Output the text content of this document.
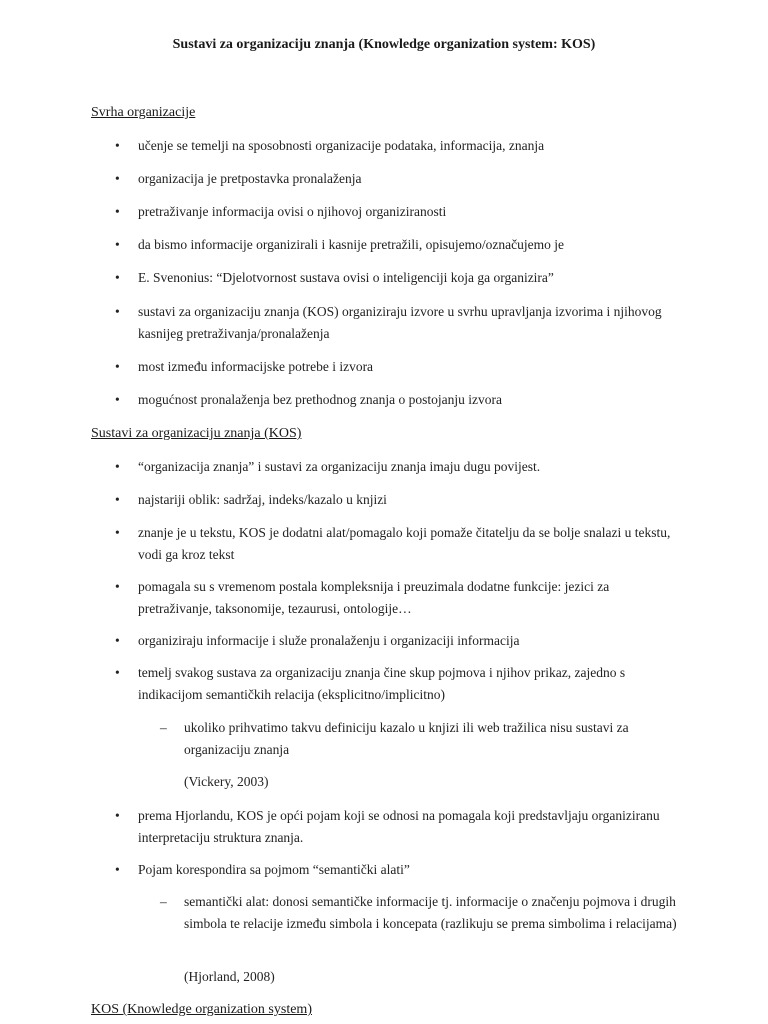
Sustavi za organizaciju znanja (Knowledge organization system: KOS)
Svrha organizacije
• učenje se temelji na sposobnosti organizacije podataka, informacija, znanja
• organizacija je pretpostavka pronalaženja
• pretraživanje informacija ovisi o njihovoj organiziranosti
• da bismo informacije organizirali i kasnije pretražili, opisujemo/označujemo je
• E. Svenonius: “Djelotvornost sustava ovisi o inteligenciji koja ga organizira”
• sustavi za organizaciju znanja (KOS) organiziraju izvore u svrhu upravljanja izvorima i njihovog kasnijeg pretraživanja/pronalaženja
• most između informacijske potrebe i izvora
• mogućnost pronalaženja bez prethodnog znanja o postojanju izvora
Sustavi za organizaciju znanja (KOS)
• “organizacija znanja” i sustavi za organizaciju znanja imaju dugu povijest.
• najstariji oblik: sadržaj, indeks/kazalo u knjizi
• znanje je u tekstu, KOS je dodatni alat/pomagalo koji pomaže čitatelju da se bolje snalazi u tekstu, vodi ga kroz tekst
• pomagala su s vremenom postala kompleksnija i preuzimala dodatne funkcije: jezici za pretraživanje, taksonomije, tezaurusi, ontologije…
• organiziraju informacije i služe pronalaženju i organizaciji informacija
• temelj svakog sustava za organizaciju znanja čine skup pojmova i njihov prikaz, zajedno s indikacijom semantičkih relacija (eksplicitno/implicitno)
– ukoliko prihvatimo takvu definiciju kazalo u knjizi ili web tražilica nisu sustavi za organizaciju znanja
(Vickery, 2003)
• prema Hjorlandu, KOS je opći pojam koji se odnosi na pomagala koji predstavljaju organiziranu interpretaciju struktura znanja.
• Pojam korespondira sa pojmom “semantički alati”
– semantički alat: donosi semantičke informacije tj. informacije o značenju pojmova i drugih simbola te relacije između simbola i koncepata (razlikuju se prema simbolima i relacijama)
(Hjorland, 2008)
KOS (Knowledge organization system)
